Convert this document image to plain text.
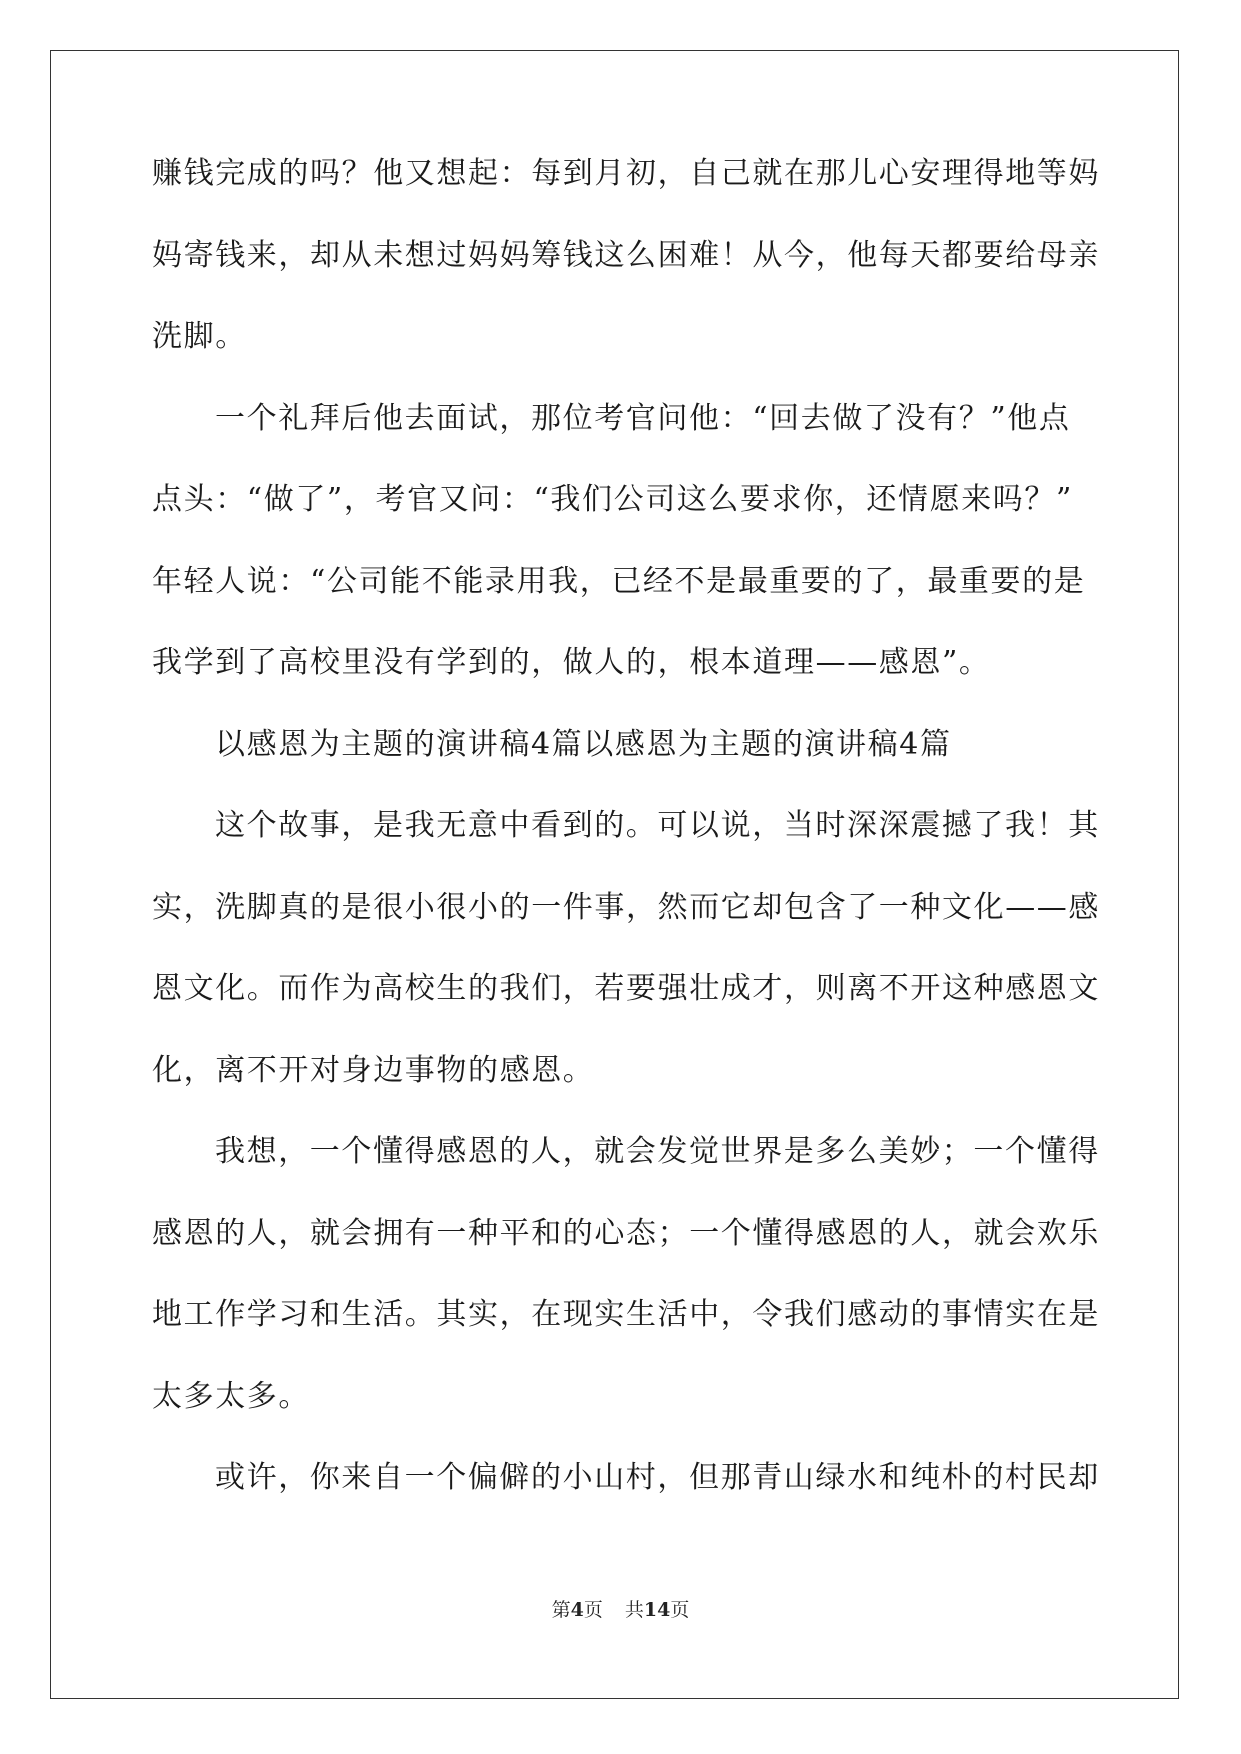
赚钱完成的吗？他又想起：每到月初，自己就在那儿心安理得地等妈
妈寄钱来，却从未想过妈妈筹钱这么困难！从今，他每天都要给母亲
洗脚。
一个礼拜后他去面试，那位考官问他：“回去做了没有？”他点
点头：“做了”，考官又问：“我们公司这么要求你，还情愿来吗？”
年轻人说：“公司能不能录用我，已经不是最重要的了，最重要的是
我学到了高校里没有学到的，做人的，根本道理——感恩”。
以感恩为主题的演讲稿4篇以感恩为主题的演讲稿4篇
这个故事，是我无意中看到的。可以说，当时深深震撼了我！其
实，洗脚真的是很小很小的一件事，然而它却包含了一种文化——感
恩文化。而作为高校生的我们，若要强壮成才，则离不开这种感恩文
化，离不开对身边事物的感恩。
我想，一个懂得感恩的人，就会发觉世界是多么美妙；一个懂得
感恩的人，就会拥有一种平和的心态；一个懂得感恩的人，就会欢乐
地工作学习和生活。其实，在现实生活中，令我们感动的事情实在是
太多太多。
或许，你来自一个偏僻的小山村，但那青山绿水和纯朴的村民却
第4页 共14页
